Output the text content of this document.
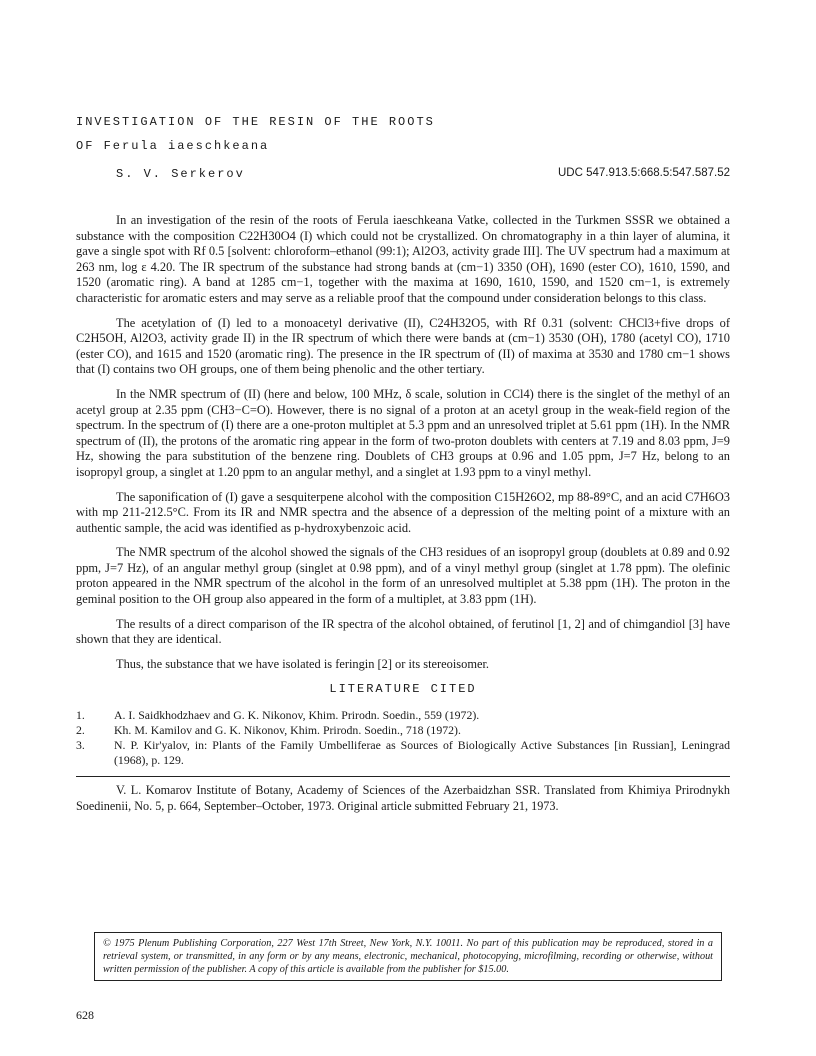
INVESTIGATION OF THE RESIN OF THE ROOTS
OF Ferula iaeschkeana
S. V. Serkerov	UDC 547.913.5:668.5:547.587.52

In an investigation of the resin of the roots of Ferula iaeschkeana Vatke, collected in the Turkmen SSSR we obtained a substance with the composition C22H30O4 (I) which could not be crystallized. On chromatography in a thin layer of alumina, it gave a single spot with Rf 0.5 [solvent: chloroform–ethanol (99:1); Al2O3, activity grade III]. The UV spectrum had a maximum at 263 nm, log ε 4.20. The IR spectrum of the substance had strong bands at (cm−1) 3350 (OH), 1690 (ester CO), 1610, 1590, and 1520 (aromatic ring). A band at 1285 cm−1, together with the maxima at 1690, 1610, 1590, and 1520 cm−1, is extremely characteristic for aromatic esters and may serve as a reliable proof that the compound under consideration belongs to this class.

The acetylation of (I) led to a monoacetyl derivative (II), C24H32O5, with Rf 0.31 (solvent: CHCl3+five drops of C2H5OH, Al2O3, activity grade II) in the IR spectrum of which there were bands at (cm−1) 3530 (OH), 1780 (acetyl CO), 1710 (ester CO), and 1615 and 1520 (aromatic ring). The presence in the IR spectrum of (II) of maxima at 3530 and 1780 cm−1 shows that (I) contains two OH groups, one of them being phenolic and the other tertiary.

In the NMR spectrum of (II) (here and below, 100 MHz, δ scale, solution in CCl4) there is the singlet of the methyl of an acetyl group at 2.35 ppm (CH3−C=O). However, there is no signal of a proton at an acetyl group in the weak-field region of the spectrum. In the spectrum of (I) there are a one-proton multiplet at 5.3 ppm and an unresolved triplet at 5.61 ppm (1H). In the NMR spectrum of (II), the protons of the aromatic ring appear in the form of two-proton doublets with centers at 7.19 and 8.03 ppm, J=9 Hz, showing the para substitution of the benzene ring. Doublets of CH3 groups at 0.96 and 1.05 ppm, J=7 Hz, belong to an isopropyl group, a singlet at 1.20 ppm to an angular methyl, and a singlet at 1.93 ppm to a vinyl methyl.

The saponification of (I) gave a sesquiterpene alcohol with the composition C15H26O2, mp 88-89°C, and an acid C7H6O3 with mp 211-212.5°C. From its IR and NMR spectra and the absence of a depression of the melting point of a mixture with an authentic sample, the acid was identified as p-hydroxybenzoic acid.

The NMR spectrum of the alcohol showed the signals of the CH3 residues of an isopropyl group (doublets at 0.89 and 0.92 ppm, J=7 Hz), of an angular methyl group (singlet at 0.98 ppm), and of a vinyl methyl group (singlet at 1.78 ppm). The olefinic proton appeared in the NMR spectrum of the alcohol in the form of an unresolved multiplet at 5.38 ppm (1H). The proton in the geminal position to the OH group also appeared in the form of a multiplet, at 3.83 ppm (1H).

The results of a direct comparison of the IR spectra of the alcohol obtained, of ferutinol [1, 2] and of chimgandiol [3] have shown that they are identical.

Thus, the substance that we have isolated is feringin [2] or its stereoisomer.

LITERATURE CITED
1.	A. I. Saidkhodzhaev and G. K. Nikonov, Khim. Prirodn. Soedin., 559 (1972).
2.	Kh. M. Kamilov and G. K. Nikonov, Khim. Prirodn. Soedin., 718 (1972).
3.	N. P. Kir'yalov, in: Plants of the Family Umbelliferae as Sources of Biologically Active Substances [in Russian], Leningrad (1968), p. 129.

V. L. Komarov Institute of Botany, Academy of Sciences of the Azerbaidzhan SSR. Translated from Khimiya Prirodnykh Soedinenii, No. 5, p. 664, September–October, 1973. Original article submitted February 21, 1973.

© 1975 Plenum Publishing Corporation, 227 West 17th Street, New York, N.Y. 10011. No part of this publication may be reproduced, stored in a retrieval system, or transmitted, in any form or by any means, electronic, mechanical, photocopying, microfilming, recording or otherwise, without written permission of the publisher. A copy of this article is available from the publisher for $15.00.
628
